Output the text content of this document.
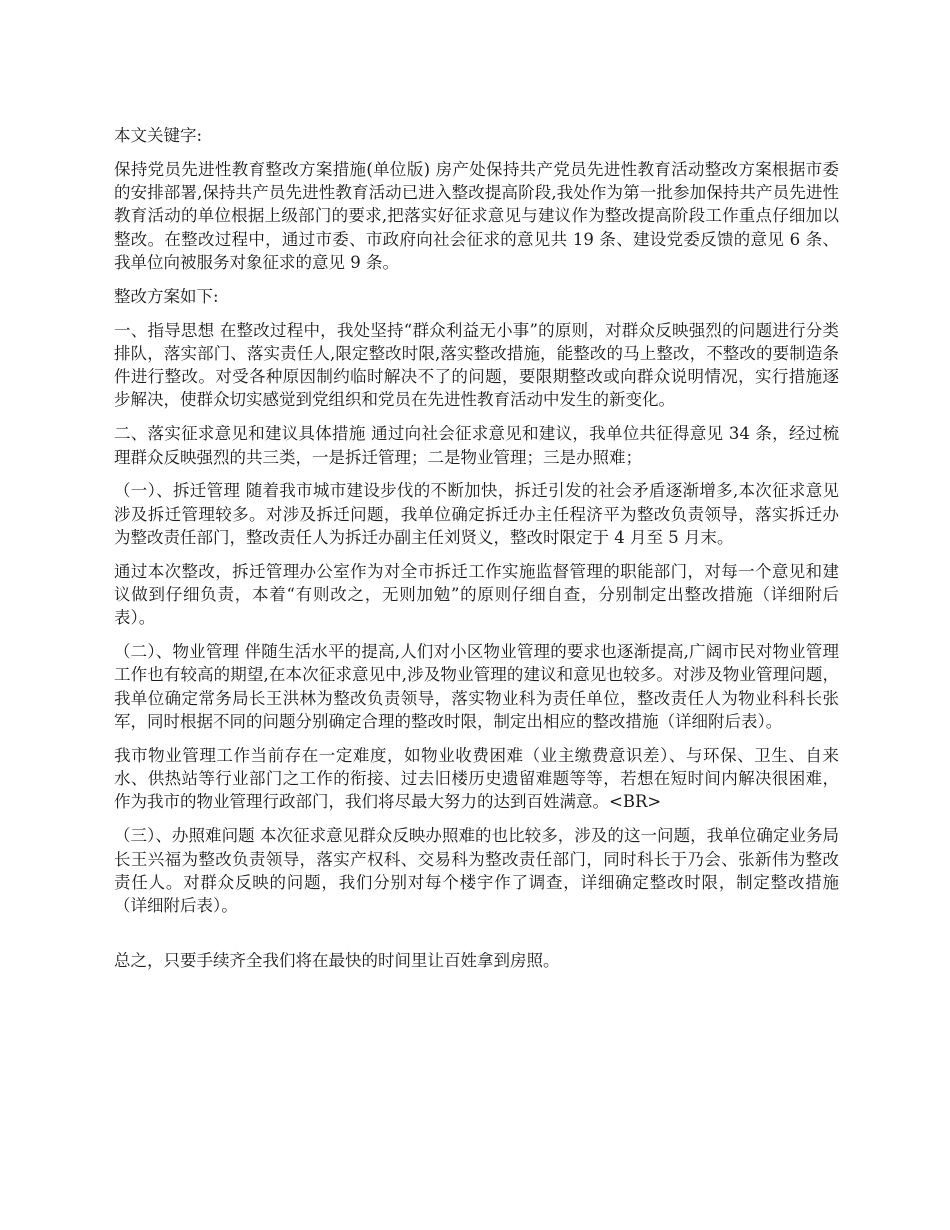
本文关键字:

保持党员先进性教育整改方案措施(单位版) 房产处保持共产党员先进性教育活动整改方案根据市委的安排部署,保持共产员先进性教育活动已进入整改提高阶段,我处作为第一批参加保持共产员先进性教育活动的单位根据上级部门的要求,把落实好征求意见与建议作为整改提高阶段工作重点仔细加以整改。在整改过程中，通过市委、市政府向社会征求的意见共 19 条、建设党委反馈的意见 6 条、我单位向被服务对象征求的意见 9 条。

整改方案如下:

一、指导思想 在整改过程中，我处坚持“群众利益无小事”的原则，对群众反映强烈的问题进行分类排队，落实部门、落实责任人,限定整改时限,落实整改措施，能整改的马上整改，不整改的要制造条件进行整改。对受各种原因制约临时解决不了的问题，要限期整改或向群众说明情况，实行措施逐步解决，使群众切实感觉到党组织和党员在先进性教育活动中发生的新变化。

二、落实征求意见和建议具体措施 通过向社会征求意见和建议，我单位共征得意见 34 条，经过梳理群众反映强烈的共三类，一是拆迁管理；二是物业管理；三是办照难；

（一）、拆迁管理 随着我市城市建设步伐的不断加快，拆迁引发的社会矛盾逐渐增多,本次征求意见涉及拆迁管理较多。对涉及拆迁问题，我单位确定拆迁办主任程济平为整改负责领导，落实拆迁办为整改责任部门，整改责任人为拆迁办副主任刘贤义，整改时限定于 4 月至 5 月末。

通过本次整改，拆迁管理办公室作为对全市拆迁工作实施监督管理的职能部门，对每一个意见和建议做到仔细负责，本着“有则改之，无则加勉”的原则仔细自查，分别制定出整改措施（详细附后表）。

（二）、物业管理 伴随生活水平的提高,人们对小区物业管理的要求也逐渐提高,广阔市民对物业管理工作也有较高的期望,在本次征求意见中,涉及物业管理的建议和意见也较多。对涉及物业管理问题，我单位确定常务局长王洪林为整改负责领导，落实物业科为责任单位，整改责任人为物业科科长张军，同时根据不同的问题分别确定合理的整改时限，制定出相应的整改措施（详细附后表）。

我市物业管理工作当前存在一定难度，如物业收费困难（业主缴费意识差）、与环保、卫生、自来水、供热站等行业部门之工作的衔接、过去旧楼历史遗留难题等等，若想在短时间内解决很困难，作为我市的物业管理行政部门，我们将尽最大努力的达到百姓满意。<BR>

（三）、办照难问题 本次征求意见群众反映办照难的也比较多，涉及的这一问题，我单位确定业务局长王兴福为整改负责领导，落实产权科、交易科为整改责任部门，同时科长于乃会、张新伟为整改责任人。对群众反映的问题，我们分别对每个楼宇作了调查，详细确定整改时限，制定整改措施（详细附后表）。

总之，只要手续齐全我们将在最快的时间里让百姓拿到房照。
